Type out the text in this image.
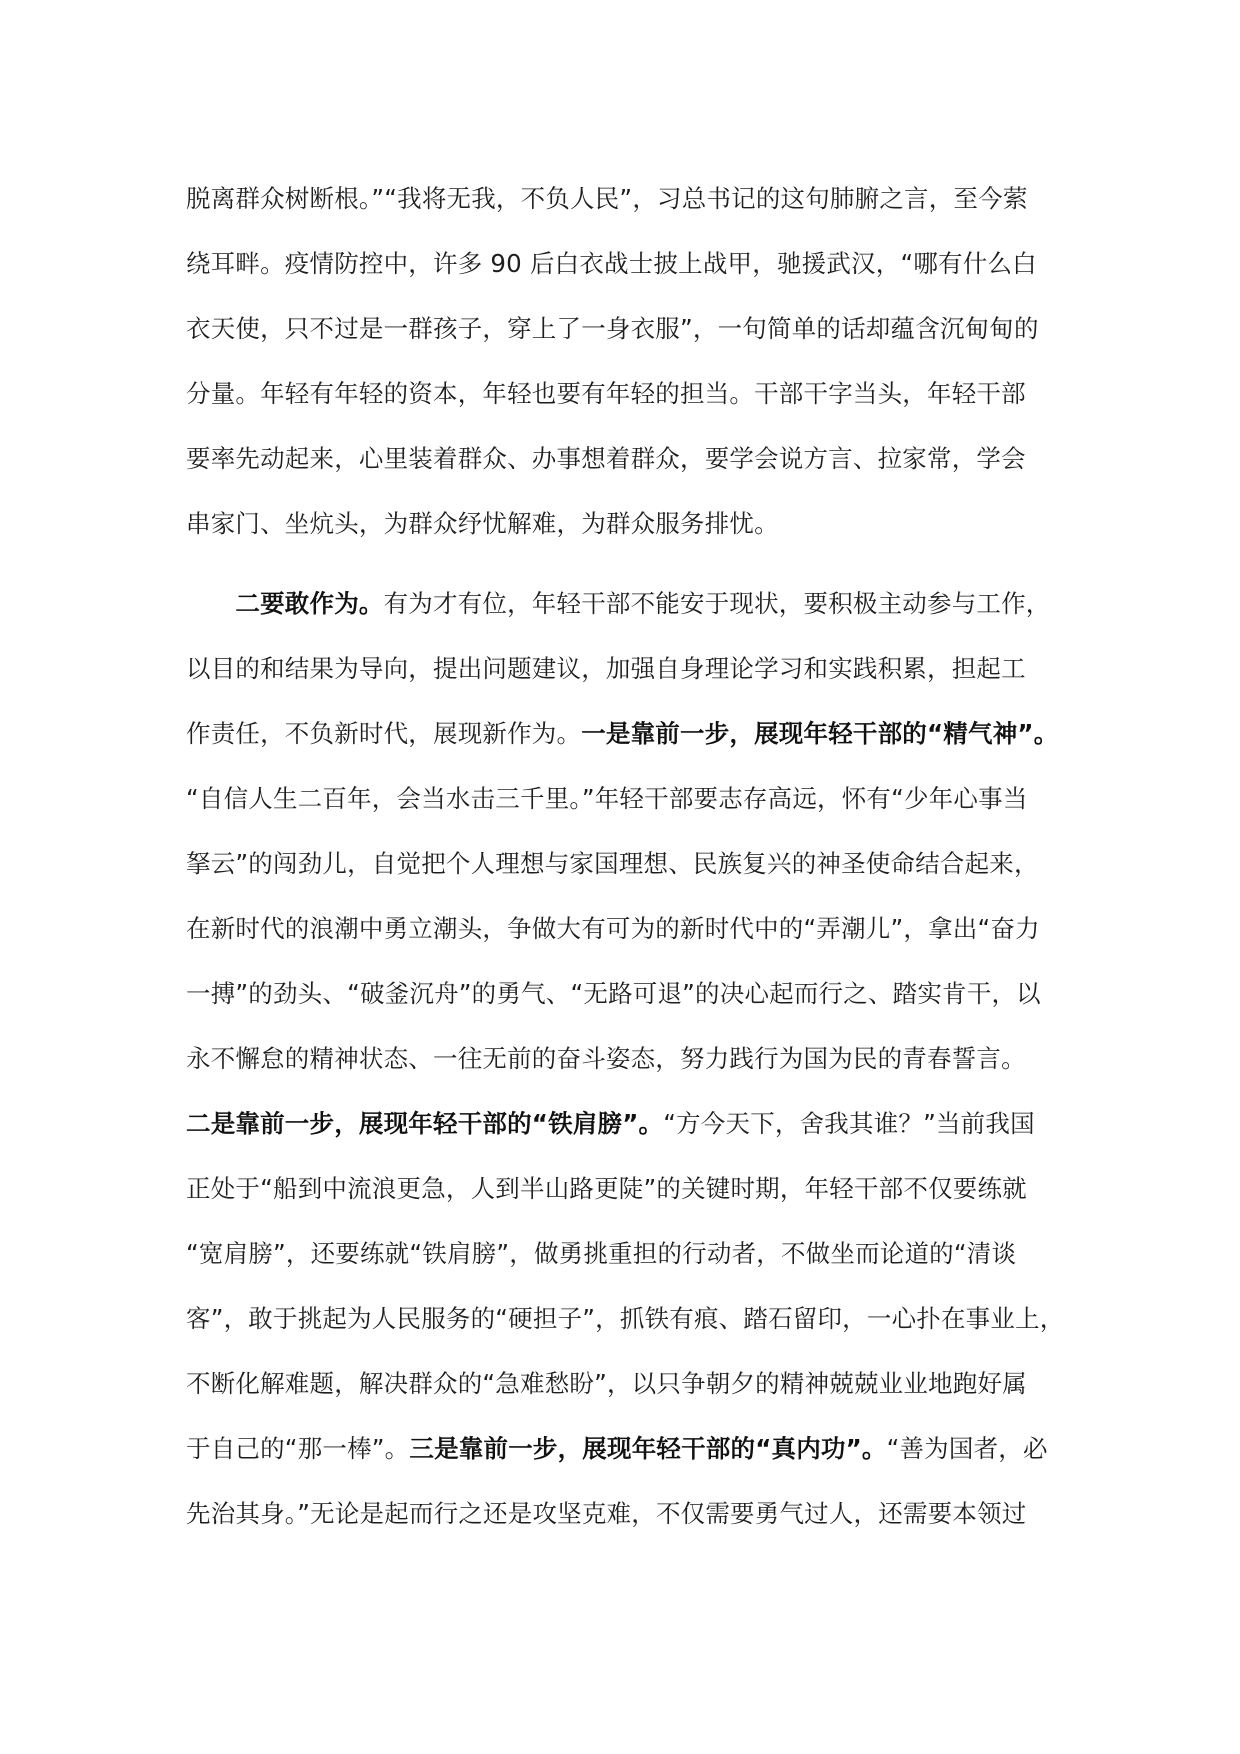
脱离群众树断根。”“我将无我，不负人民”，习总书记的这句肺腑之言，至今萦
绕耳畔。疫情防控中，许多 90 后白衣战士披上战甲，驰援武汉，“哪有什么白
衣天使，只不过是一群孩子，穿上了一身衣服”，一句简单的话却蕴含沉甸甸的
分量。年轻有年轻的资本，年轻也要有年轻的担当。干部干字当头，年轻干部
要率先动起来，心里装着群众、办事想着群众，要学会说方言、拉家常，学会
串家门、坐炕头，为群众纾忧解难，为群众服务排忧。
　　二要敢作为。有为才有位，年轻干部不能安于现状，要积极主动参与工作，
以目的和结果为导向，提出问题建议，加强自身理论学习和实践积累，担起工
作责任，不负新时代，展现新作为。一是靠前一步，展现年轻干部的“精气神”。
“自信人生二百年，会当水击三千里。”年轻干部要志存高远，怀有“少年心事当
拏云”的闯劲儿，自觉把个人理想与家国理想、民族复兴的神圣使命结合起来，
在新时代的浪潮中勇立潮头，争做大有可为的新时代中的“弄潮儿”，拿出“奋力
一搏”的劲头、“破釜沉舟”的勇气、“无路可退”的决心起而行之、踏实肯干，以
永不懈怠的精神状态、一往无前的奋斗姿态，努力践行为国为民的青春誓言。
二是靠前一步，展现年轻干部的“铁肩膀”。“方今天下，舍我其谁？”当前我国
正处于“船到中流浪更急，人到半山路更陡”的关键时期，年轻干部不仅要练就
“宽肩膀”，还要练就“铁肩膀”，做勇挑重担的行动者，不做坐而论道的“清谈
客”，敢于挑起为人民服务的“硬担子”，抓铁有痕、踏石留印，一心扑在事业上，
不断化解难题，解决群众的“急难愁盼”，以只争朝夕的精神兢兢业业地跑好属
于自己的“那一棒”。三是靠前一步，展现年轻干部的“真内功”。“善为国者，必
先治其身。”无论是起而行之还是攻坚克难，不仅需要勇气过人，还需要本领过
